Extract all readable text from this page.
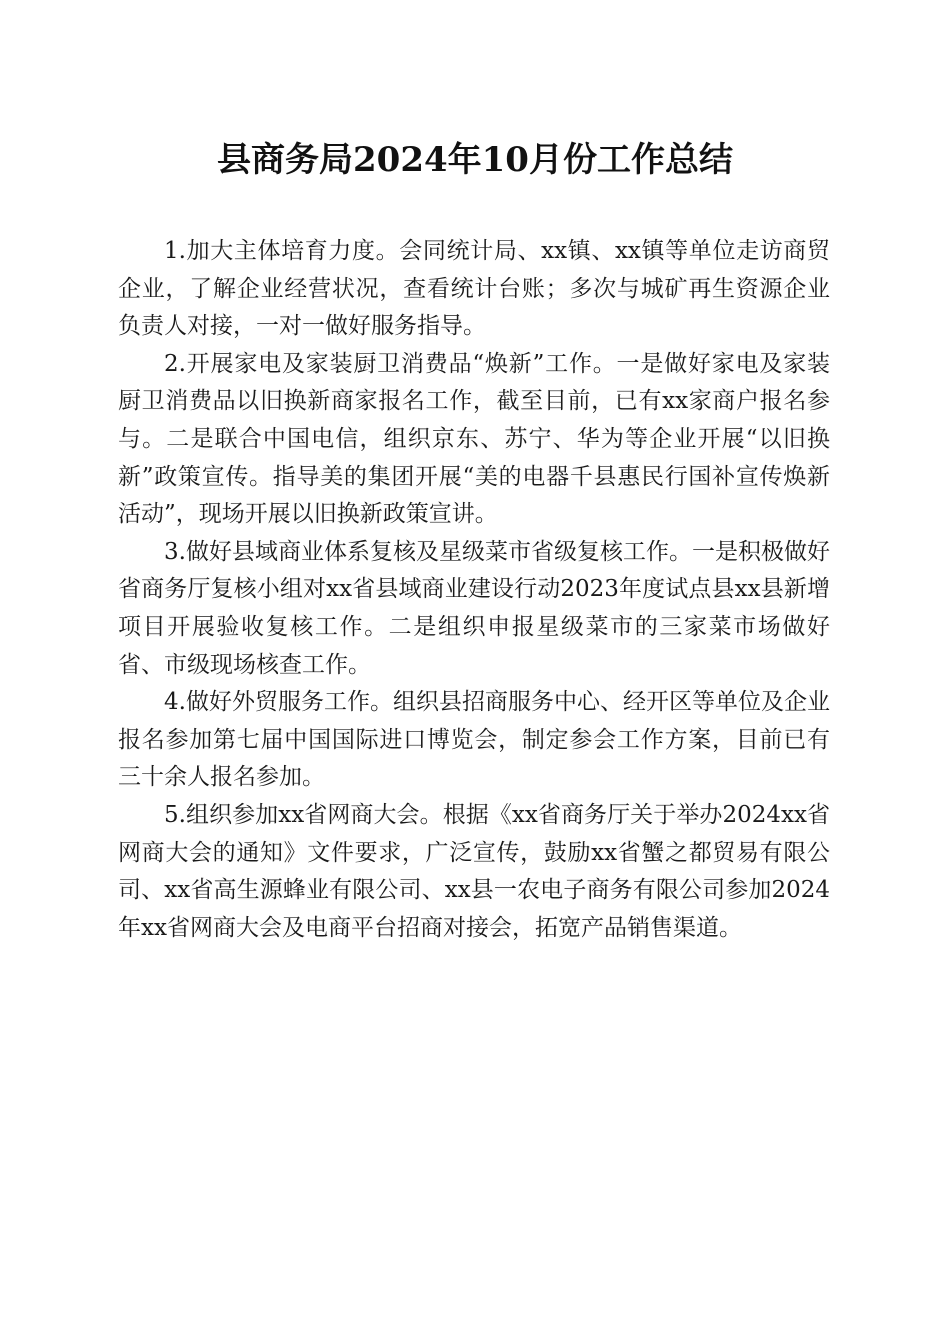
县商务局2024年10月份工作总结

1.加大主体培育力度。会同统计局、xx镇、xx镇等单位走访商贸企业，了解企业经营状况，查看统计台账；多次与城矿再生资源企业负责人对接，一对一做好服务指导。

2.开展家电及家装厨卫消费品“焕新”工作。一是做好家电及家装厨卫消费品以旧换新商家报名工作，截至目前，已有xx家商户报名参与。二是联合中国电信，组织京东、苏宁、华为等企业开展“以旧换新”政策宣传。指导美的集团开展“美的电器千县惠民行国补宣传焕新活动”，现场开展以旧换新政策宣讲。

3.做好县域商业体系复核及星级菜市省级复核工作。一是积极做好省商务厅复核小组对xx省县域商业建设行动2023年度试点县xx县新增项目开展验收复核工作。二是组织申报星级菜市的三家菜市场做好省、市级现场核查工作。

4.做好外贸服务工作。组织县招商服务中心、经开区等单位及企业报名参加第七届中国国际进口博览会，制定参会工作方案，目前已有三十余人报名参加。

5.组织参加xx省网商大会。根据《xx省商务厅关于举办2024xx省网商大会的通知》文件要求，广泛宣传，鼓励xx省蟹之都贸易有限公司、xx省高生源蜂业有限公司、xx县一农电子商务有限公司参加2024年xx省网商大会及电商平台招商对接会，拓宽产品销售渠道。
